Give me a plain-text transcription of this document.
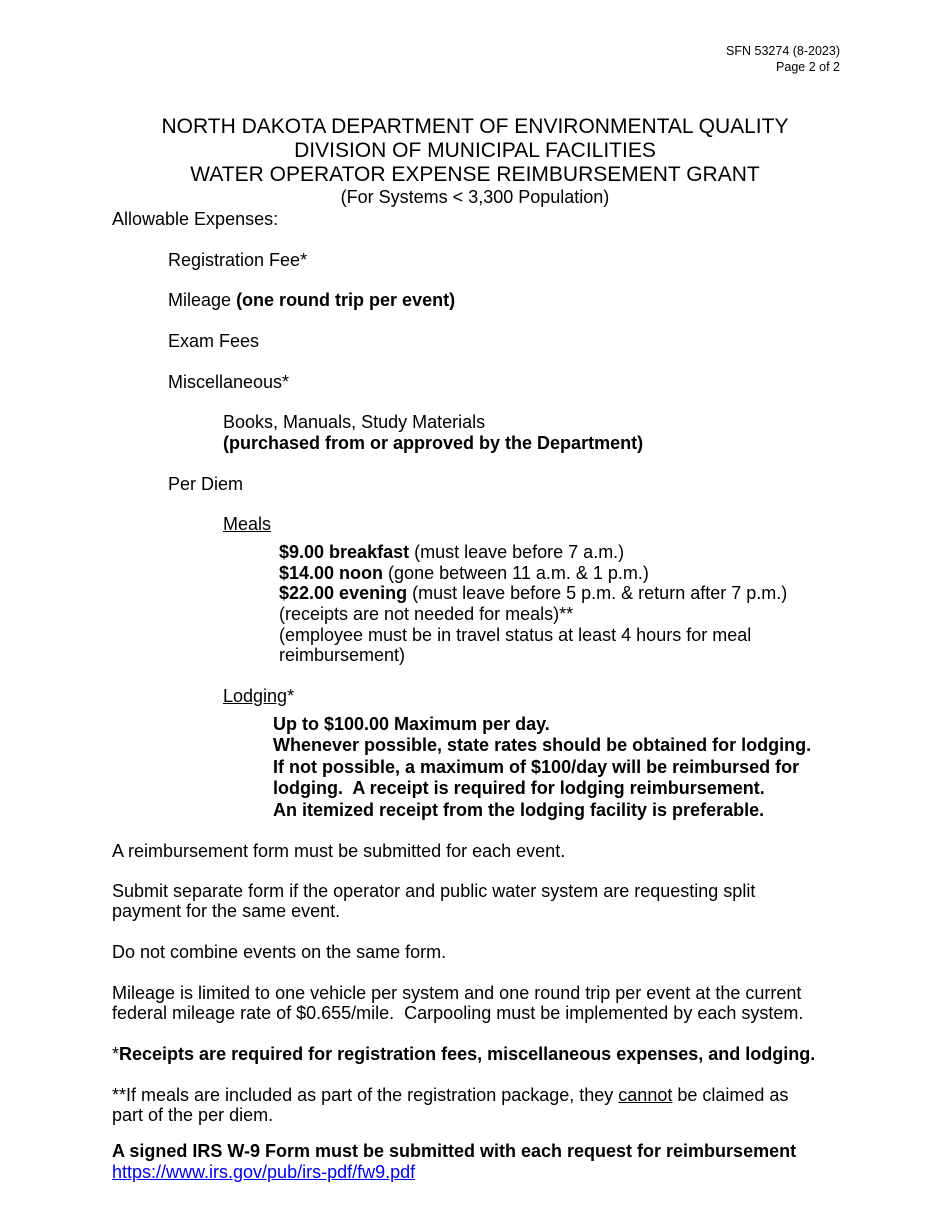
SFN 53274 (8-2023)
Page 2 of 2
NORTH DAKOTA DEPARTMENT OF ENVIRONMENTAL QUALITY
DIVISION OF MUNICIPAL FACILITIES
WATER OPERATOR EXPENSE REIMBURSEMENT GRANT
(For Systems < 3,300 Population)
Allowable Expenses:
Registration Fee*
Mileage (one round trip per event)
Exam Fees
Miscellaneous*
Books, Manuals, Study Materials
(purchased from or approved by the Department)
Per Diem
Meals
$9.00 breakfast (must leave before 7 a.m.)
$14.00 noon (gone between 11 a.m. & 1 p.m.)
$22.00 evening (must leave before 5 p.m. & return after 7 p.m.)
(receipts are not needed for meals)**
(employee must be in travel status at least 4 hours for meal
reimbursement)
Lodging*
Up to $100.00 Maximum per day.
Whenever possible, state rates should be obtained for lodging.
If not possible, a maximum of $100/day will be reimbursed for
lodging.  A receipt is required for lodging reimbursement.
An itemized receipt from the lodging facility is preferable.
A reimbursement form must be submitted for each event.
Submit separate form if the operator and public water system are requesting split
payment for the same event.
Do not combine events on the same form.
Mileage is limited to one vehicle per system and one round trip per event at the current
federal mileage rate of $0.655/mile.  Carpooling must be implemented by each system.
*Receipts are required for registration fees, miscellaneous expenses, and lodging.
**If meals are included as part of the registration package, they cannot be claimed as
part of the per diem.
A signed IRS W-9 Form must be submitted with each request for reimbursement
https://www.irs.gov/pub/irs-pdf/fw9.pdf
